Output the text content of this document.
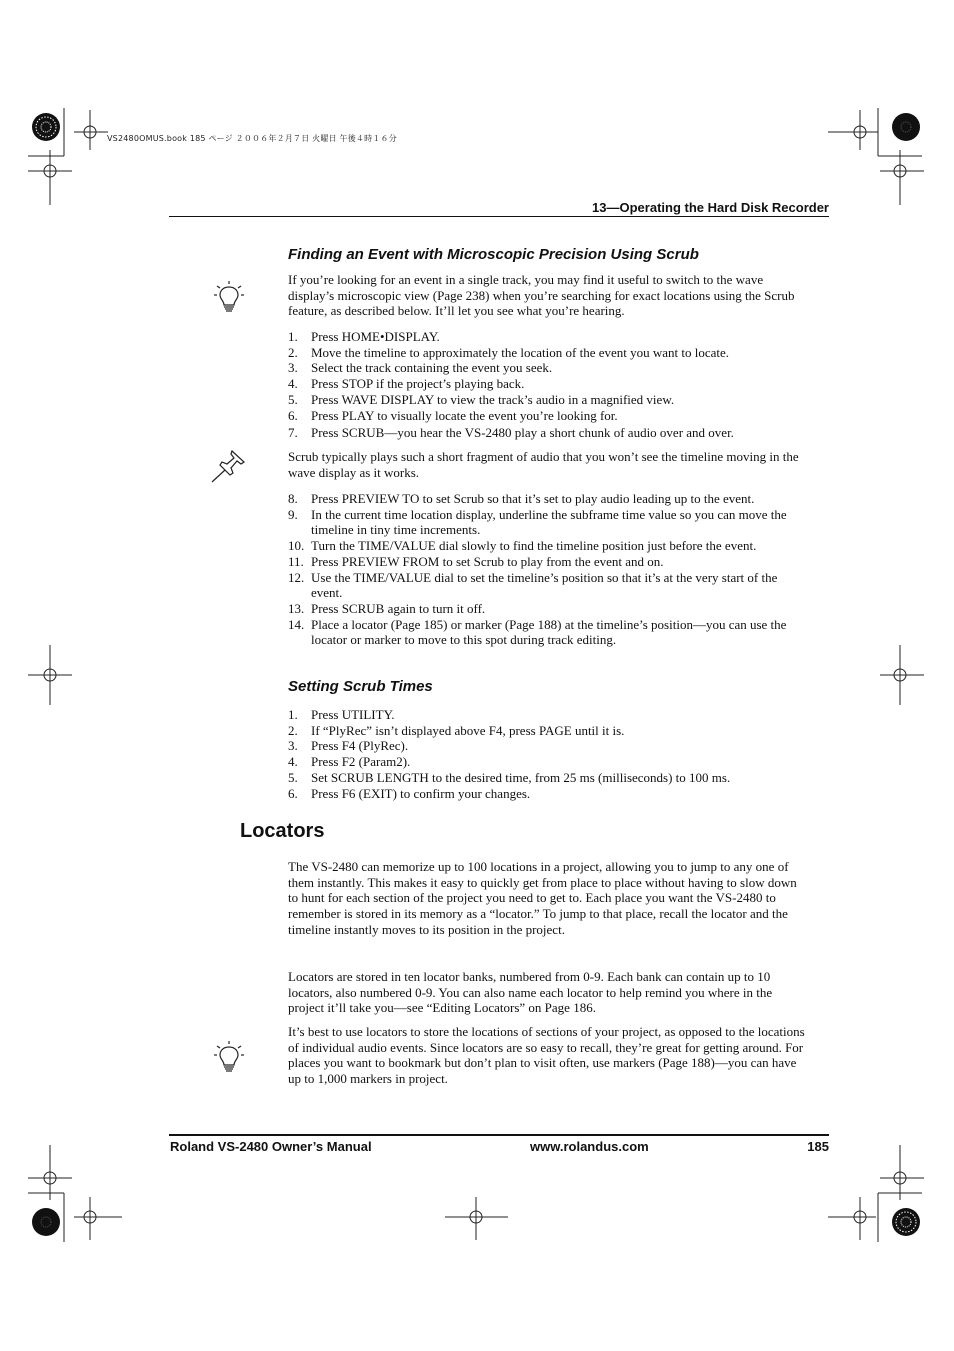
VS2480OMUS.book 185 ページ ２００６年２月７日 火曜日 午後４時１６分
13—Operating the Hard Disk Recorder
Finding an Event with Microscopic Precision Using Scrub
If you’re looking for an event in a single track, you may find it useful to switch to the wave display’s microscopic view (Page 238) when you’re searching for exact locations using the Scrub feature, as described below. It’ll let you see what you’re hearing.
1. Press HOME•DISPLAY.
2. Move the timeline to approximately the location of the event you want to locate.
3. Select the track containing the event you seek.
4. Press STOP if the project’s playing back.
5. Press WAVE DISPLAY to view the track’s audio in a magnified view.
6. Press PLAY to visually locate the event you’re looking for.
7. Press SCRUB—you hear the VS-2480 play a short chunk of audio over and over.
Scrub typically plays such a short fragment of audio that you won’t see the timeline moving in the wave display as it works.
8. Press PREVIEW TO to set Scrub so that it’s set to play audio leading up to the event.
9. In the current time location display, underline the subframe time value so you can move the timeline in tiny time increments.
10. Turn the TIME/VALUE dial slowly to find the timeline position just before the event.
11. Press PREVIEW FROM to set Scrub to play from the event and on.
12. Use the TIME/VALUE dial to set the timeline’s position so that it’s at the very start of the event.
13. Press SCRUB again to turn it off.
14. Place a locator (Page 185) or marker (Page 188) at the timeline’s position—you can use the locator or marker to move to this spot during track editing.
Setting Scrub Times
1. Press UTILITY.
2. If “PlyRec” isn’t displayed above F4, press PAGE until it is.
3. Press F4 (PlyRec).
4. Press F2 (Param2).
5. Set SCRUB LENGTH to the desired time, from 25 ms (milliseconds) to 100 ms.
6. Press F6 (EXIT) to confirm your changes.
Locators
The VS-2480 can memorize up to 100 locations in a project, allowing you to jump to any one of them instantly. This makes it easy to quickly get from place to place without having to slow down to hunt for each section of the project you need to get to. Each place you want the VS-2480 to remember is stored in its memory as a “locator.” To jump to that place, recall the locator and the timeline instantly moves to its position in the project.
Locators are stored in ten locator banks, numbered from 0-9. Each bank can contain up to 10 locators, also numbered 0-9. You can also name each locator to help remind you where in the project it’ll take you—see “Editing Locators” on Page 186.
It’s best to use locators to store the locations of sections of your project, as opposed to the locations of individual audio events. Since locators are so easy to recall, they’re great for getting around. For places you want to bookmark but don’t plan to visit often, use markers (Page 188)—you can have up to 1,000 markers in project.
Roland VS-2480 Owner’s Manual	www.rolandus.com	185
